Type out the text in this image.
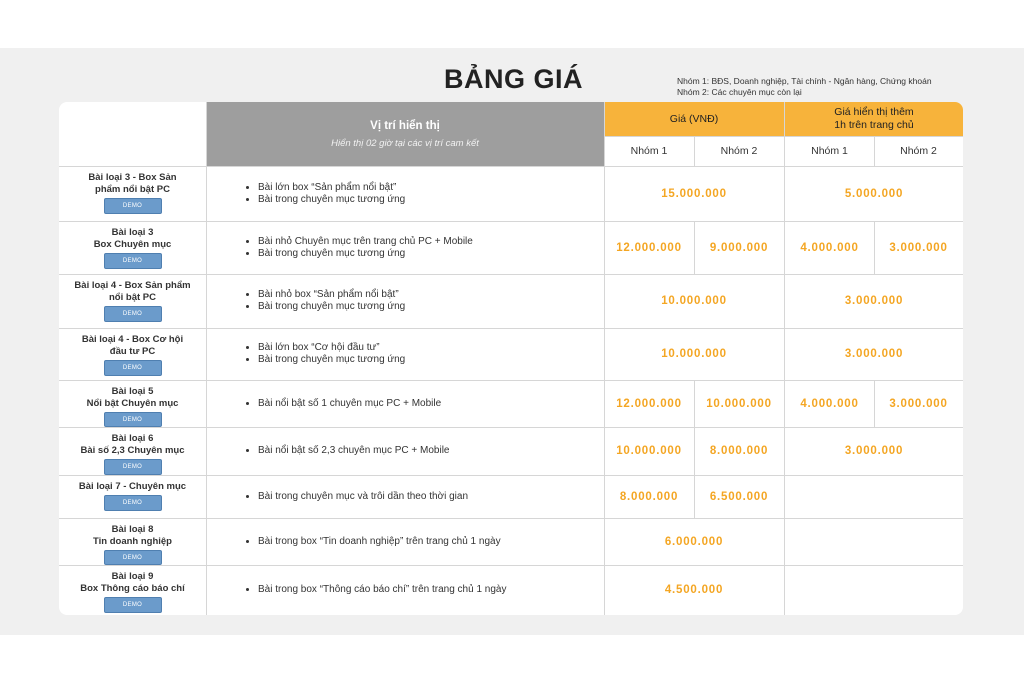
BẢNG GIÁ	Nhóm 1: BĐS, Doanh nghiệp, Tài chính - Ngân hàng, Chứng khoán
Nhóm 2: Các chuyên mục còn lại
Vị trí hiển thị
Hiển thị 02 giờ tại các vị trí cam kết
Giá (VNĐ)
Giá hiển thị thêm
1h trên trang chủ
Nhóm 1	Nhóm 2	Nhóm 1	Nhóm 2
Bài loại 3 - Box Sản
phẩm nổi bật PC
DEMO
• Bài lớn box “Sản phẩm nổi bật”
• Bài trong chuyên mục tương ứng	15.000.000	5.000.000
Bài loại 3
Box Chuyên mục
DEMO
• Bài nhỏ Chuyên mục trên trang chủ PC + Mobile
• Bài trong chuyên mục tương ứng	12.000.000	9.000.000	4.000.000	3.000.000
Bài loại 4 - Box Sản phẩm
nổi bật PC
DEMO
• Bài nhỏ box “Sản phẩm nổi bật”
• Bài trong chuyên mục tương ứng	10.000.000	3.000.000
Bài loại 4 - Box Cơ hội
đầu tư PC
DEMO
• Bài lớn box “Cơ hội đầu tư”
• Bài trong chuyên mục tương ứng	10.000.000	3.000.000
Bài loại 5
Nổi bật Chuyên mục
DEMO
• Bài nổi bật số 1 chuyên mục PC + Mobile	12.000.000	10.000.000	4.000.000	3.000.000
Bài loại 6
Bài số 2,3 Chuyên mục
DEMO
• Bài nổi bật số 2,3 chuyên mục PC + Mobile	10.000.000	8.000.000	3.000.000
Bài loại 7 - Chuyên mục
DEMO
• Bài trong chuyên mục và trôi dần theo thời gian	8.000.000	6.500.000
Bài loại 8
Tin doanh nghiệp
DEMO
• Bài trong box “Tin doanh nghiệp” trên trang chủ 1 ngày	6.000.000
Bài loại 9
Box Thông cáo báo chí
DEMO
• Bài trong box “Thông cáo báo chí” trên trang chủ 1 ngày	4.500.000
